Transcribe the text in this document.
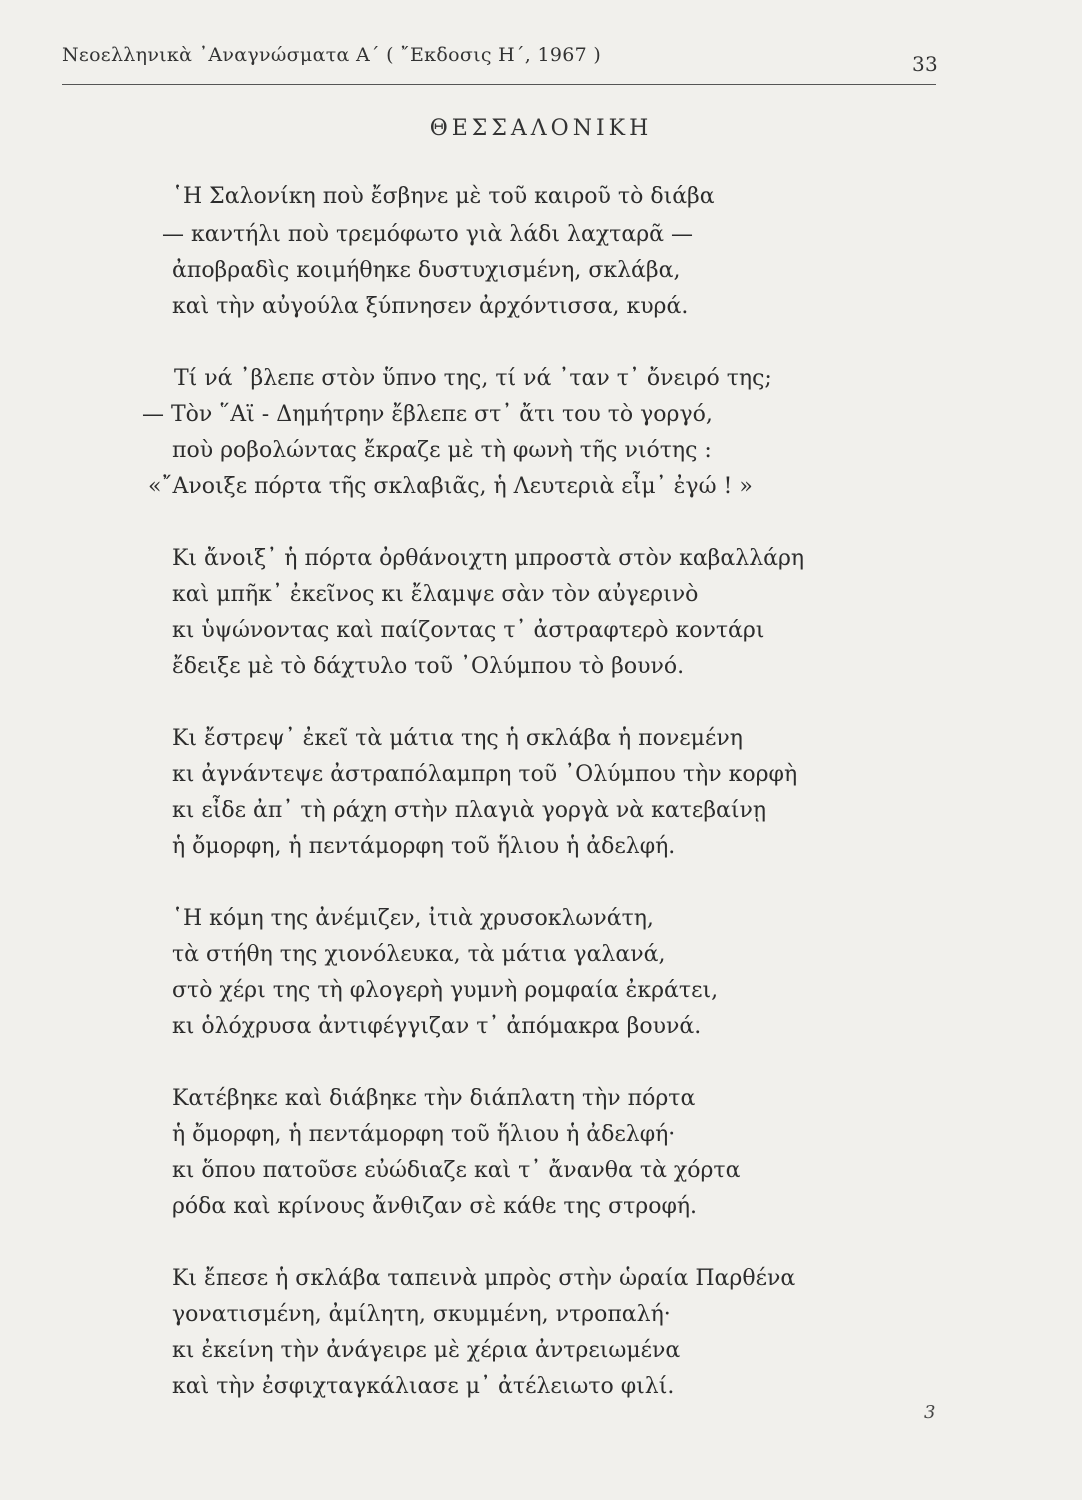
Νεοελληνικὰ ᾿Αναγνώσματα Α´ ( ῎Εκδοσις Η´, 1967 )	33
ΘΕΣΣΑΛΟΝΙΚΗ
῾Η Σαλονίκη ποὺ ἔσβηνε μὲ τοῦ καιροῦ τὸ διάβα
— καντήλι ποὺ τρεμόφωτο γιὰ λάδι λαχταρᾶ —
ἀποβραδὶς κοιμήθηκε δυστυχισμένη, σκλάβα,
καὶ τὴν αὐγούλα ξύπνησεν ἀρχόντισσα, κυρά.
Τί νά ᾿βλεπε στὸν ὕπνο της, τί νά ᾿ταν τ᾿ ὄνειρό της;
— Τὸν ῞Αϊ - Δημήτρην ἔβλεπε στ᾿ ἄτι του τὸ γοργό,
ποὺ ροβολώντας ἔκραζε μὲ τὴ φωνὴ τῆς νιότης :
«῎Ανοιξε πόρτα τῆς σκλαβιᾶς, ἡ Λευτεριὰ εἶμ᾿ ἐγώ ! »
Κι ἄνοιξ᾿ ἡ πόρτα ὀρθάνοιχτη μπροστὰ στὸν καβαλλάρη
καὶ μπῆκ᾿ ἐκεῖνος κι ἔλαμψε σὰν τὸν αὐγερινὸ
κι ὑψώνοντας καὶ παίζοντας τ᾿ ἀστραφτερὸ κοντάρι
ἔδειξε μὲ τὸ δάχτυλο τοῦ ᾿Ολύμπου τὸ βουνό.
Κι ἔστρεψ᾿ ἐκεῖ τὰ μάτια της ἡ σκλάβα ἡ πονεμένη
κι ἀγνάντεψε ἀστραπόλαμπρη τοῦ ᾿Ολύμπου τὴν κορφὴ
κι εἶδε ἀπ᾿ τὴ ράχη στὴν πλαγιὰ γοργὰ νὰ κατεβαίνῃ
ἡ ὄμορφη, ἡ πεντάμορφη τοῦ ἥλιου ἡ ἀδελφή.
῾Η κόμη της ἀνέμιζεν, ἰτιὰ χρυσοκλωνάτη,
τὰ στήθη της χιονόλευκα, τὰ μάτια γαλανά,
στὸ χέρι της τὴ φλογερὴ γυμνὴ ρομφαία ἐκράτει,
κι ὁλόχρυσα ἀντιφέγγιζαν τ᾿ ἀπόμακρα βουνά.
Κατέβηκε καὶ διάβηκε τὴν διάπλατη τὴν πόρτα
ἡ ὄμορφη, ἡ πεντάμορφη τοῦ ἥλιου ἡ ἀδελφή·
κι ὅπου πατοῦσε εὐώδιαζε καὶ τ᾿ ἄνανθα τὰ χόρτα
ρόδα καὶ κρίνους ἄνθιζαν σὲ κάθε της στροφή.
Κι ἔπεσε ἡ σκλάβα ταπεινὰ μπρὸς στὴν ὡραία Παρθένα
γονατισμένη, ἀμίλητη, σκυμμένη, ντροπαλή·
κι ἐκείνη τὴν ἀνάγειρε μὲ χέρια ἀντρειωμένα
καὶ τὴν ἐσφιχταγκάλιασε μ᾿ ἀτέλειωτο φιλί.
3
